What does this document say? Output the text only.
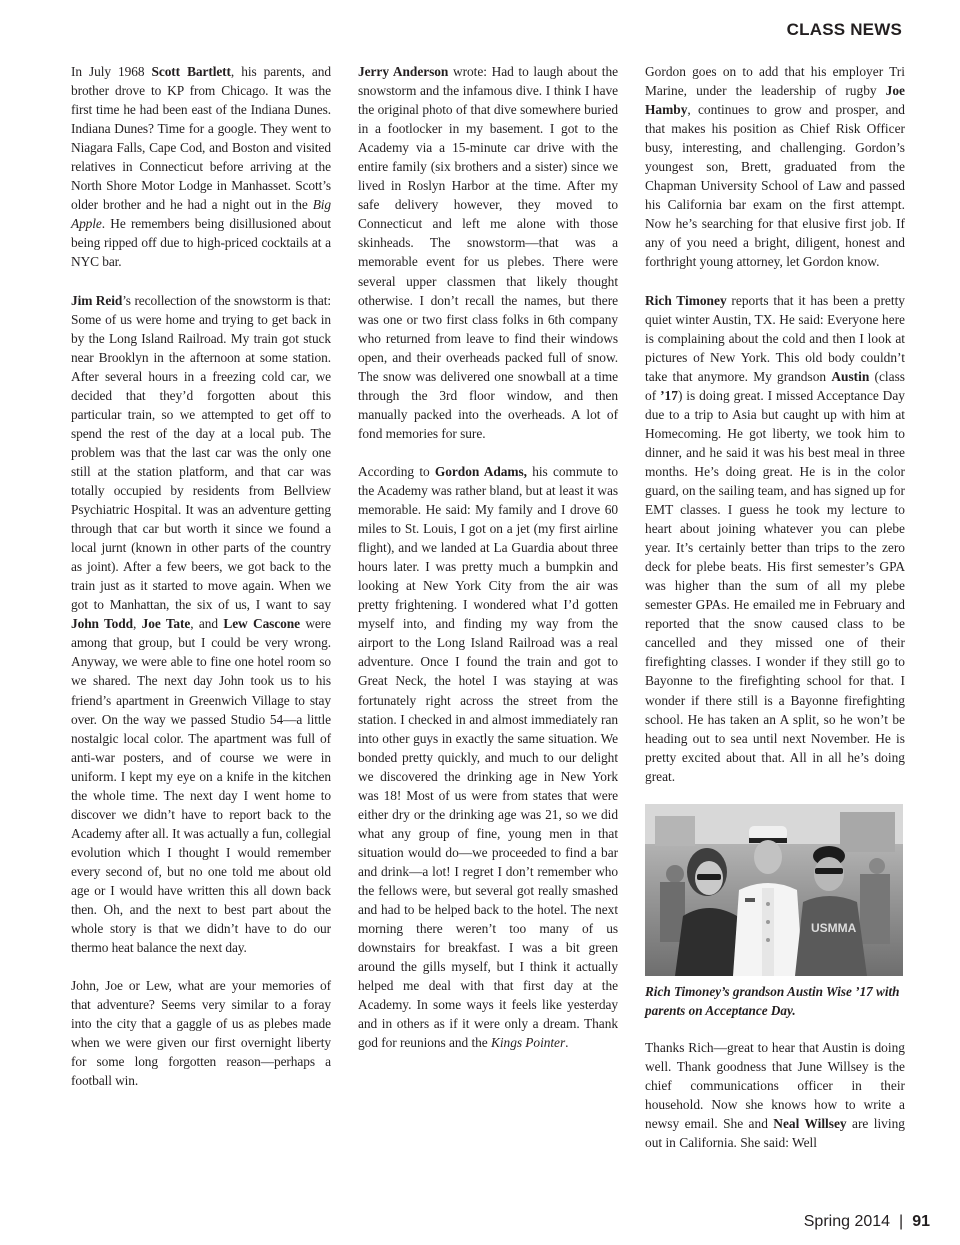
CLASS NEWS

In July 1968 Scott Bartlett, his parents, and brother drove to KP from Chicago. It was the first time he had been east of the Indiana Dunes. Indiana Dunes? Time for a google. They went to Niagara Falls, Cape Cod, and Boston and visited relatives in Connecticut before arriving at the North Shore Motor Lodge in Manhasset. Scott’s older brother and he had a night out in the Big Apple. He remembers being disillusioned about being ripped off due to high-priced cocktails at a NYC bar.

Jim Reid’s recollection of the snowstorm is that: Some of us were home and trying to get back in by the Long Island Railroad. My train got stuck near Brooklyn in the afternoon at some station. After several hours in a freezing cold car, we decided that they’d forgotten about this particular train, so we attempted to get off to spend the rest of the day at a local pub. The problem was that the last car was the only one still at the station platform, and that car was totally occupied by residents from Bellview Psychiatric Hospital. It was an adventure getting through that car but worth it since we found a local jurnt (known in other parts of the country as joint). After a few beers, we got back to the train just as it started to move again. When we got to Manhattan, the six of us, I want to say John Todd, Joe Tate, and Lew Cascone were among that group, but I could be very wrong. Anyway, we were able to fine one hotel room so we shared. The next day John took us to his friend’s apartment in Greenwich Village to stay over. On the way we passed Studio 54—a little nostalgic local color. The apartment was full of anti-war posters, and of course we were in uniform. I kept my eye on a knife in the kitchen the whole time. The next day I went home to discover we didn’t have to report back to the Academy after all. It was actually a fun, collegial evolution which I thought I would remember every second of, but no one told me about old age or I would have written this all down back then. Oh, and the next to best part about the whole story is that we didn’t have to do our thermo heat balance the next day.

John, Joe or Lew, what are your memories of that adventure? Seems very similar to a foray into the city that a gaggle of us as plebes made when we were given our first overnight liberty for some long forgotten reason—perhaps a football win.

Jerry Anderson wrote: Had to laugh about the snowstorm and the infamous dive. I think I have the original photo of that dive somewhere buried in a footlocker in my basement. I got to the Academy via a 15-minute car drive with the entire family (six brothers and a sister) since we lived in Roslyn Harbor at the time. After my safe delivery however, they moved to Connecticut and left me alone with those skinheads. The snowstorm—that was a memorable event for us plebes. There were several upper classmen that likely thought otherwise. I don’t recall the names, but there was one or two first class folks in 6th company who returned from leave to find their windows open, and their overheads packed full of snow. The snow was delivered one snowball at a time through the 3rd floor window, and then manually packed into the overheads. A lot of fond memories for sure.

According to Gordon Adams, his commute to the Academy was rather bland, but at least it was memorable. He said: My family and I drove 60 miles to St. Louis, I got on a jet (my first airline flight), and we landed at La Guardia about three hours later. I was pretty much a bumpkin and looking at New York City from the air was pretty frightening. I wondered what I’d gotten myself into, and finding my way from the airport to the Long Island Railroad was a real adventure. Once I found the train and got to Great Neck, the hotel I was staying at was fortunately right across the street from the station. I checked in and almost immediately ran into other guys in exactly the same situation. We bonded pretty quickly, and much to our delight we discovered the drinking age in New York was 18! Most of us were from states that were either dry or the drinking age was 21, so we did what any group of fine, young men in that situation would do—we proceeded to find a bar and drink—a lot! I regret I don’t remember who the fellows were, but several got really smashed and had to be helped back to the hotel. The next morning there weren’t too many of us downstairs for breakfast. I was a bit green around the gills myself, but I think it actually helped me deal with that first day at the Academy. In some ways it feels like yesterday and in others as if it were only a dream. Thank god for reunions and the Kings Pointer.

Gordon goes on to add that his employer Tri Marine, under the leadership of rugby Joe Hamby, continues to grow and prosper, and that makes his position as Chief Risk Officer busy, interesting, and challenging. Gordon’s youngest son, Brett, graduated from the Chapman University School of Law and passed his California bar exam on the first attempt. Now he’s searching for that elusive first job. If any of you need a bright, diligent, honest and forthright young attorney, let Gordon know.

Rich Timoney reports that it has been a pretty quiet winter Austin, TX. He said: Everyone here is complaining about the cold and then I look at pictures of New York. This old body couldn’t take that anymore. My grandson Austin (class of ’17) is doing great. I missed Acceptance Day due to a trip to Asia but caught up with him at Homecoming. He got liberty, we took him to dinner, and he said it was his best meal in three months. He’s doing great. He is in the color guard, on the sailing team, and has signed up for EMT classes. I guess he took my lecture to heart about joining whatever you can plebe year. It’s certainly better than trips to the zero deck for plebe beats. His first semester’s GPA was higher than the sum of all my plebe semester GPAs. He emailed me in February and reported that the snow caused class to be cancelled and they missed one of their firefighting classes. I wonder if they still go to Bayonne to the firefighting school for that. I wonder if there still is a Bayonne firefighting school. He has taken an A split, so he won’t be heading out to sea until next November. He is pretty excited about that. All in all he’s doing great.

USMMA

Rich Timoney’s grandson Austin Wise ’17 with parents on Acceptance Day.

Thanks Rich—great to hear that Austin is doing well. Thank goodness that June Willsey is the chief communications officer in their household. Now she knows how to write a newsy email. She and Neal Willsey are living out in California. She said: Well

Spring 2014 | 91
